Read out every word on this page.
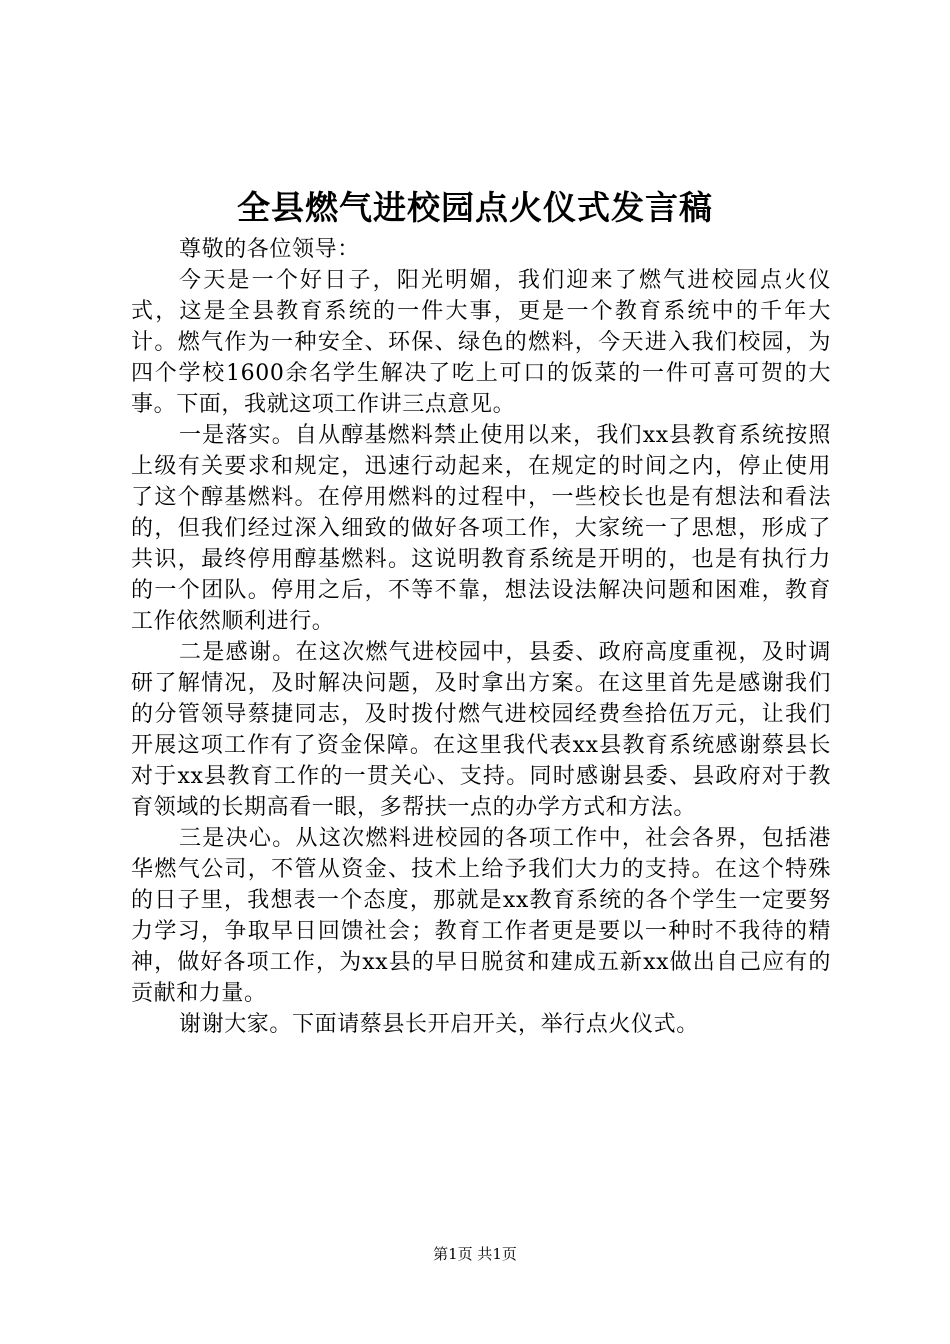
全县燃气进校园点火仪式发言稿

尊敬的各位领导：

今天是一个好日子，阳光明媚，我们迎来了燃气进校园点火仪式，这是全县教育系统的一件大事，更是一个教育系统中的千年大计。燃气作为一种安全、环保、绿色的燃料，今天进入我们校园，为四个学校1600余名学生解决了吃上可口的饭菜的一件可喜可贺的大事。下面，我就这项工作讲三点意见。

一是落实。自从醇基燃料禁止使用以来，我们xx县教育系统按照上级有关要求和规定，迅速行动起来，在规定的时间之内，停止使用了这个醇基燃料。在停用燃料的过程中，一些校长也是有想法和看法的，但我们经过深入细致的做好各项工作，大家统一了思想，形成了共识，最终停用醇基燃料。这说明教育系统是开明的，也是有执行力的一个团队。停用之后，不等不靠，想法设法解决问题和困难，教育工作依然顺利进行。

二是感谢。在这次燃气进校园中，县委、政府高度重视，及时调研了解情况，及时解决问题，及时拿出方案。在这里首先是感谢我们的分管领导蔡捷同志，及时拨付燃气进校园经费叁拾伍万元，让我们开展这项工作有了资金保障。在这里我代表xx县教育系统感谢蔡县长对于xx县教育工作的一贯关心、支持。同时感谢县委、县政府对于教育领域的长期高看一眼，多帮扶一点的办学方式和方法。

三是决心。从这次燃料进校园的各项工作中，社会各界，包括港华燃气公司，不管从资金、技术上给予我们大力的支持。在这个特殊的日子里，我想表一个态度，那就是xx教育系统的各个学生一定要努力学习，争取早日回馈社会；教育工作者更是要以一种时不我待的精神，做好各项工作，为xx县的早日脱贫和建成五新xx做出自己应有的贡献和力量。

谢谢大家。下面请蔡县长开启开关，举行点火仪式。

第1页 共1页
